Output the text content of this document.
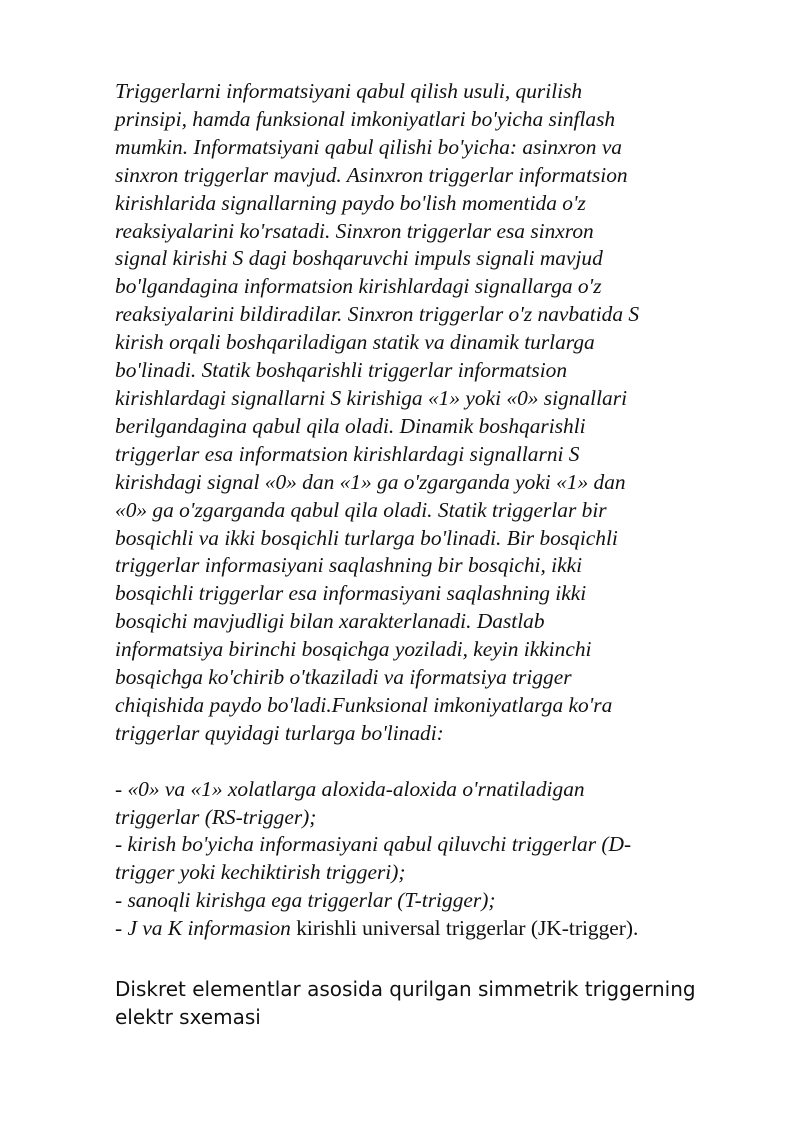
Triggerlarni informatsiyani qabul qilish usuli, qurilish
prinsipi, hamda funksional imkoniyatlari bo'yicha sinflash
mumkin. Informatsiyani qabul qilishi bo'yicha: asinxron va
sinxron triggerlar mavjud. Asinxron triggerlar informatsion
kirishlarida signallarning paydo bo'lish momentida o'z
reaksiyalarini ko'rsatadi. Sinxron triggerlar esa sinxron
signal kirishi S dagi boshqaruvchi impuls signali mavjud
bo'lgandagina informatsion kirishlardagi signallarga o'z
reaksiyalarini bildiradilar. Sinxron triggerlar o'z navbatida S
kirish orqali boshqariladigan statik va dinamik turlarga
bo'linadi. Statik boshqarishli triggerlar informatsion
kirishlardagi signallarni S kirishiga «1» yoki «0» signallari
berilgandagina qabul qila oladi. Dinamik boshqarishli
triggerlar esa informatsion kirishlardagi signallarni S
kirishdagi signal «0» dan «1» ga o'zgarganda yoki «1» dan
«0» ga o'zgarganda qabul qila oladi. Statik triggerlar bir
bosqichli va ikki bosqichli turlarga bo'linadi. Bir bosqichli
triggerlar informasiyani saqlashning bir bosqichi, ikki
bosqichli triggerlar esa informasiyani saqlashning ikki
bosqichi mavjudligi bilan xarakterlanadi. Dastlab
informatsiya birinchi bosqichga yoziladi, keyin ikkinchi
bosqichga ko'chirib o'tkaziladi va iformatsiya trigger
chiqishida paydo bo'ladi.Funksional imkoniyatlarga ko'ra
triggerlar quyidagi turlarga bo'linadi:

- «0» va «1» xolatlarga aloxida-aloxida o'rnatiladigan
triggerlar (RS-trigger);

- kirish bo'yicha informasiyani qabul qiluvchi triggerlar (D-
trigger yoki kechiktirish triggeri);

- sanoqli kirishga ega triggerlar (T-trigger);

- J va K informasion kirishli universal triggerlar (JK-trigger).

Diskret elementlar asosida qurilgan simmetrik triggerning
elektr sxemasi
